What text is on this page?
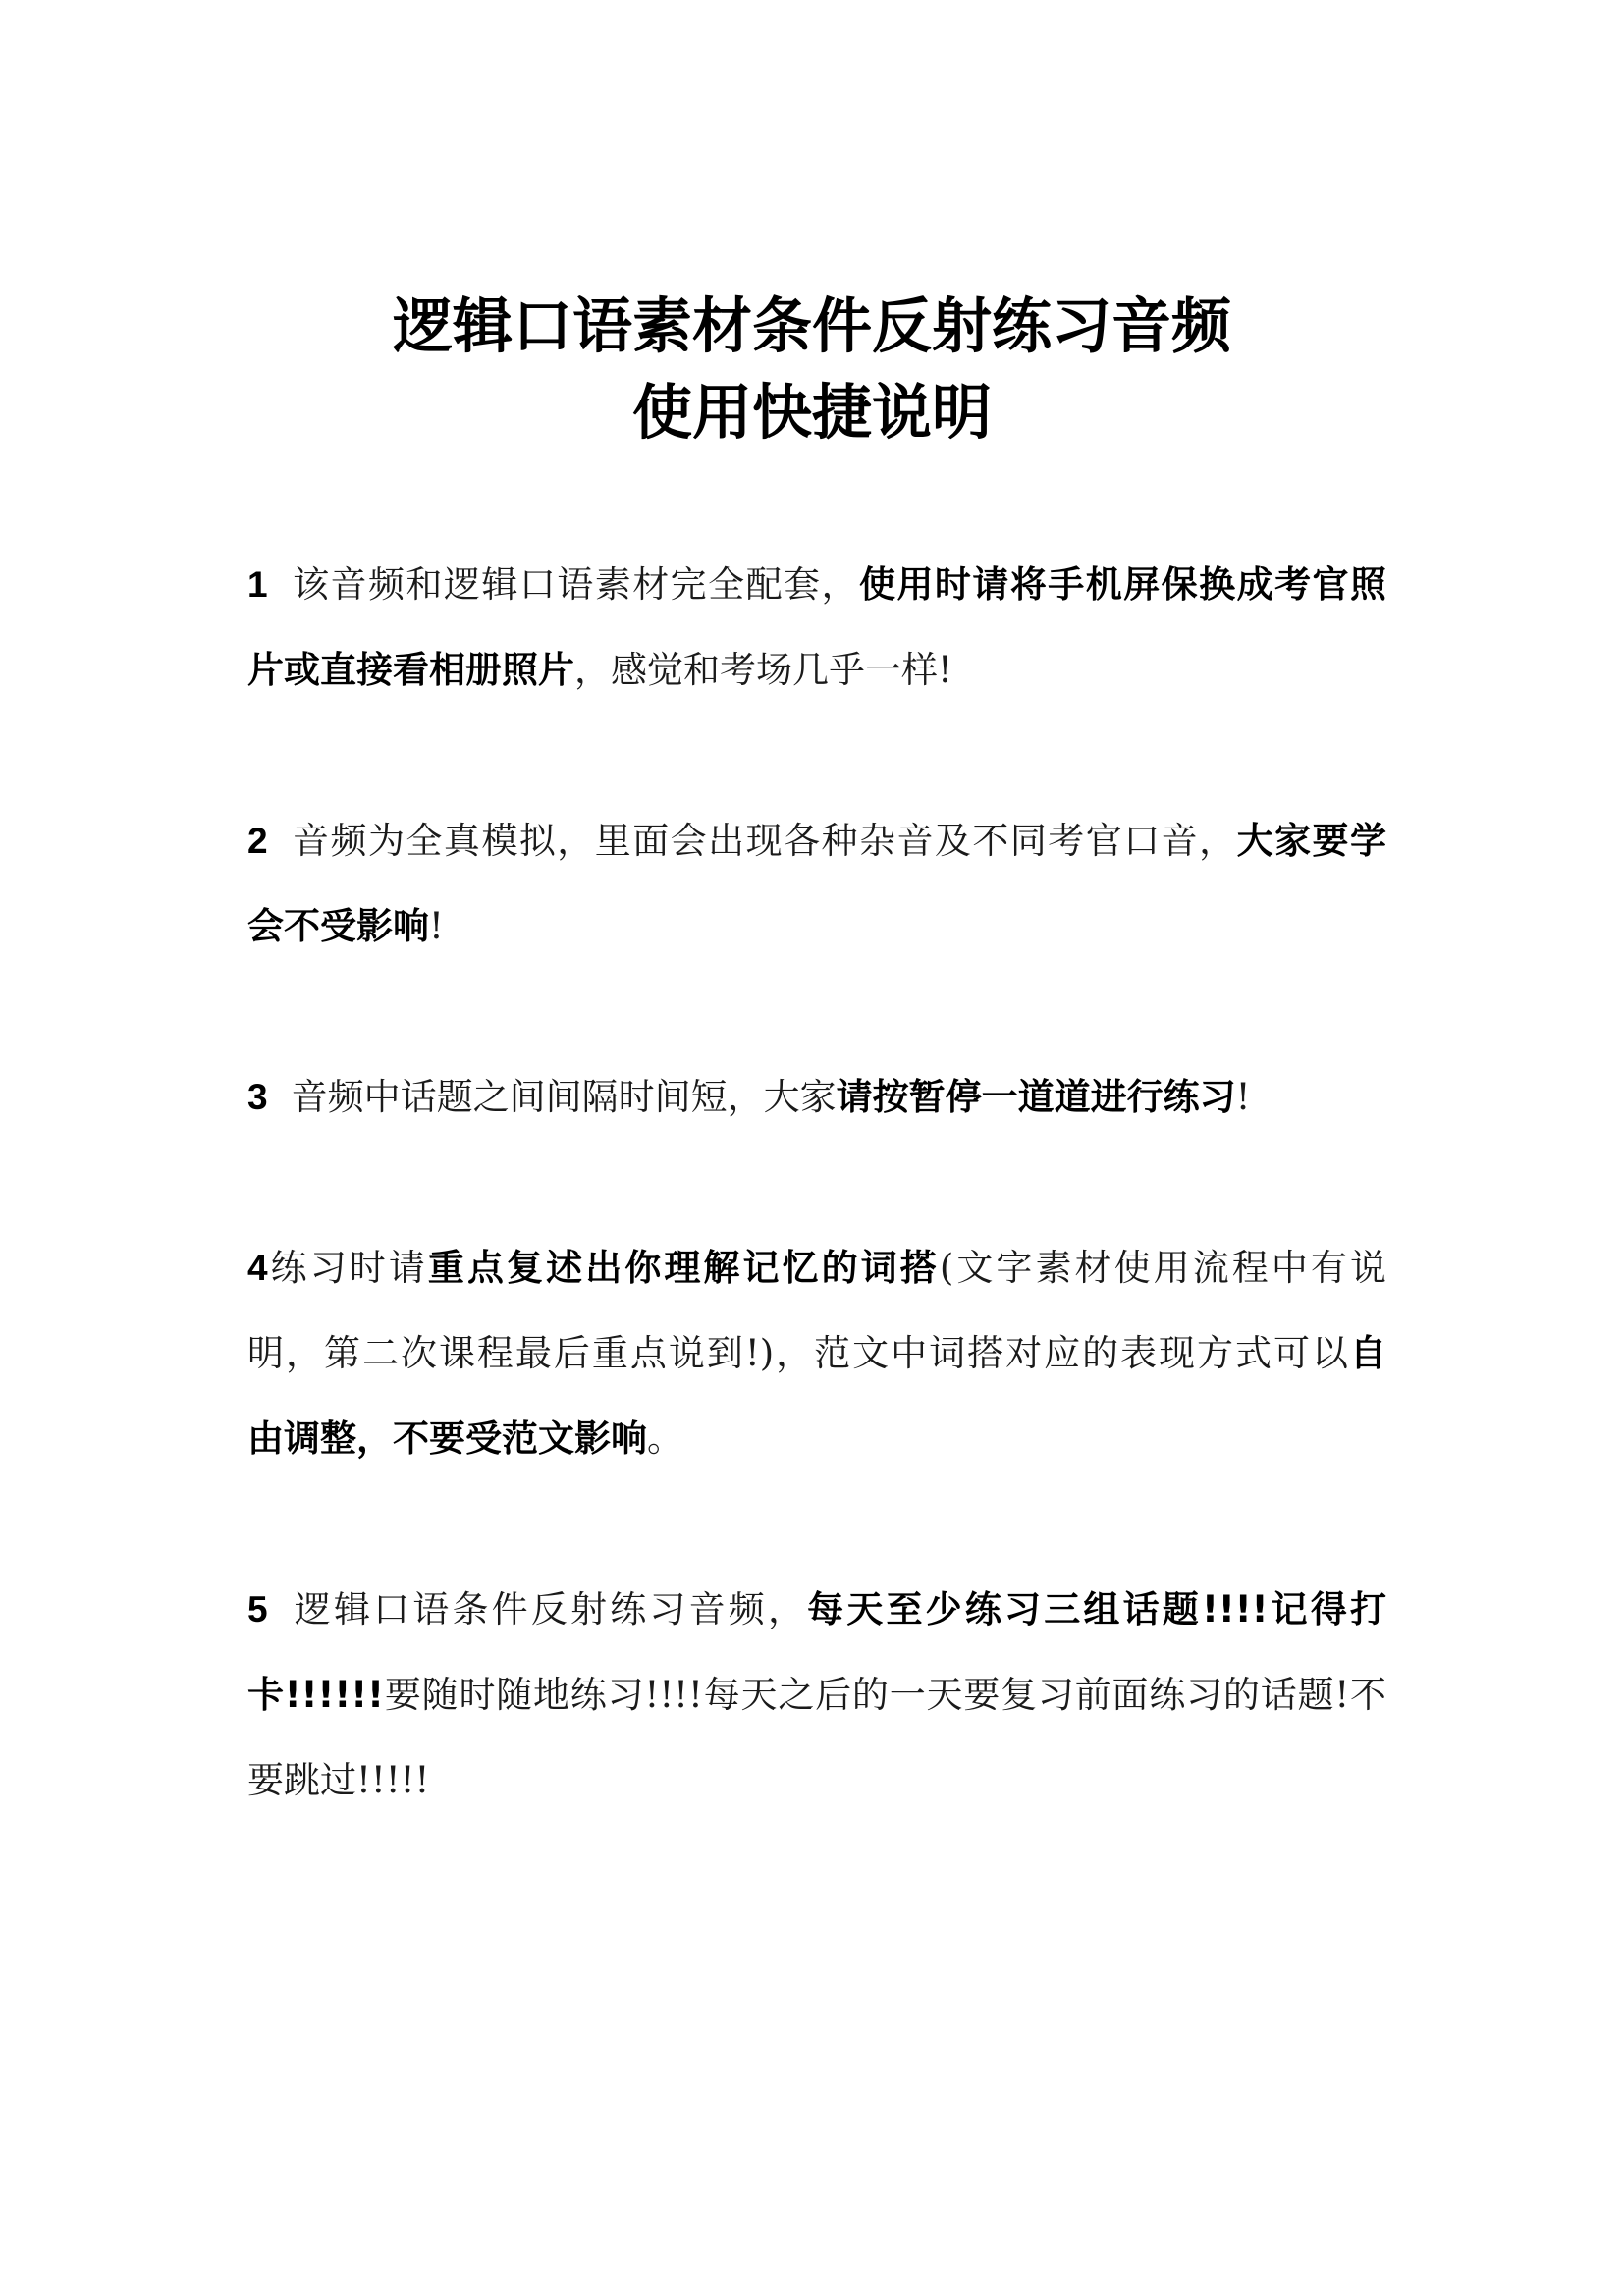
逻辑口语素材条件反射练习音频
使用快捷说明
1 该音频和逻辑口语素材完全配套，使用时请将手机屏保换成考官照
片或直接看相册照片，感觉和考场几乎一样!
2 音频为全真模拟，里面会出现各种杂音及不同考官口音，大家要学
会不受影响!
3 音频中话题之间间隔时间短，大家请按暂停一道道进行练习!
4练习时请重点复述出你理解记忆的词搭(文字素材使用流程中有说
明，第二次课程最后重点说到!)，范文中词搭对应的表现方式可以自
由调整，不要受范文影响。
5 逻辑口语条件反射练习音频，每天至少练习三组话题!!!!记得打
卡!!!!!!要随时随地练习!!!!每天之后的一天要复习前面练习的话题!不
要跳过!!!!!
